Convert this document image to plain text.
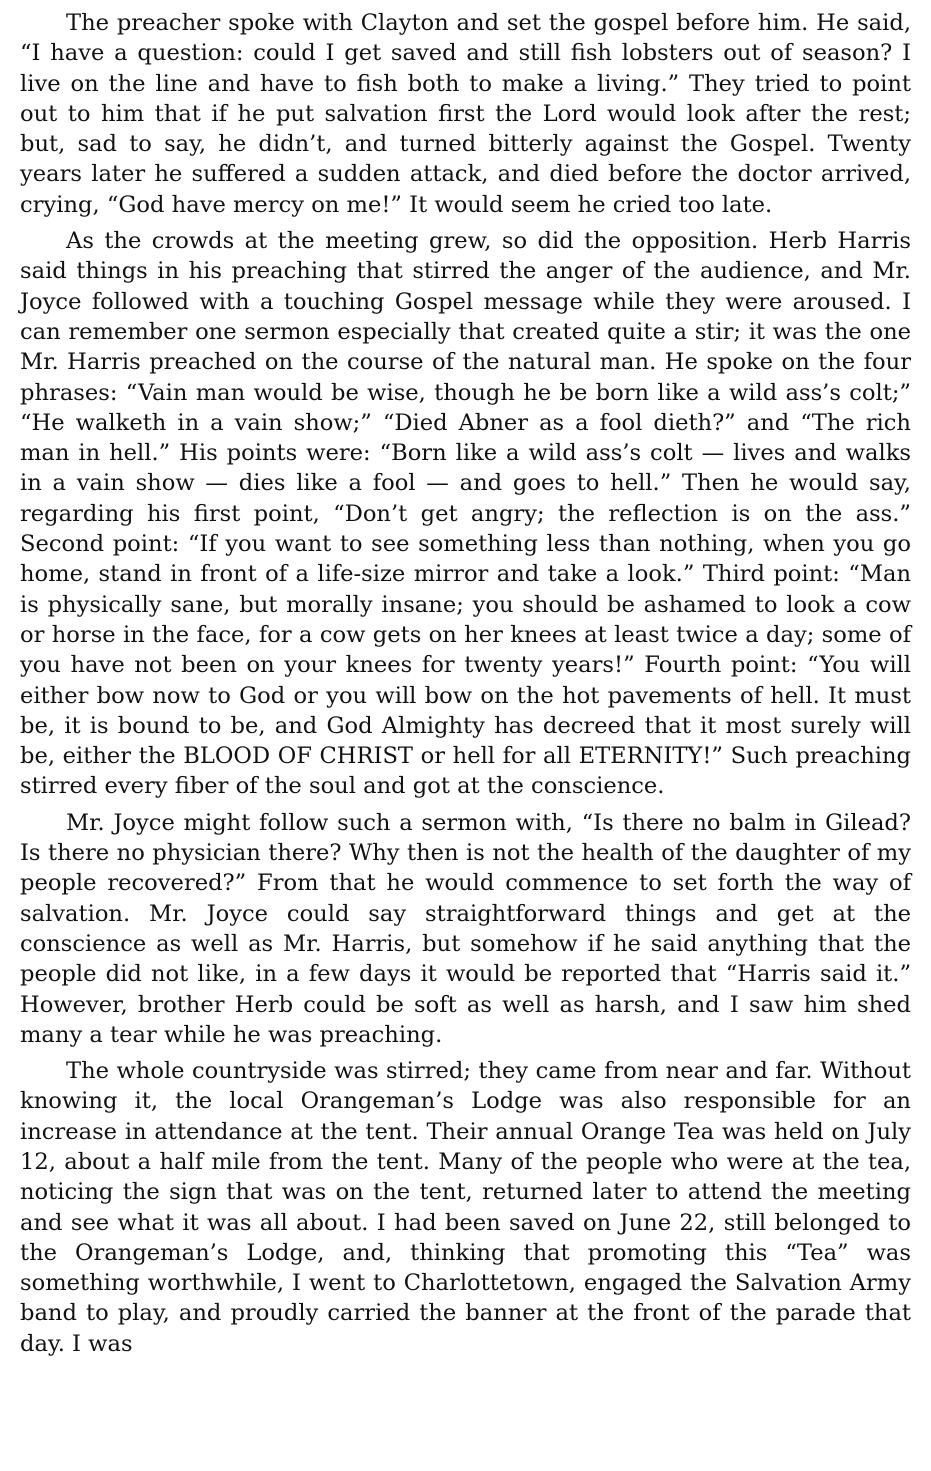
The preacher spoke with Clayton and set the gospel before him. He said, “I have a question: could I get saved and still fish lobsters out of season? I live on the line and have to fish both to make a living.” They tried to point out to him that if he put salvation first the Lord would look after the rest; but, sad to say, he didn’t, and turned bitterly against the Gospel. Twenty years later he suffered a sudden attack, and died before the doctor arrived, crying, “God have mercy on me!” It would seem he cried too late.

As the crowds at the meeting grew, so did the opposition. Herb Harris said things in his preaching that stirred the anger of the audience, and Mr. Joyce followed with a touching Gospel message while they were aroused. I can remember one sermon especially that created quite a stir; it was the one Mr. Harris preached on the course of the natural man. He spoke on the four phrases: “Vain man would be wise, though he be born like a wild ass’s colt;” “He walketh in a vain show;” “Died Abner as a fool dieth?” and “The rich man in hell.” His points were: “Born like a wild ass’s colt — lives and walks in a vain show — dies like a fool — and goes to hell.” Then he would say, regarding his first point, “Don’t get angry; the reflection is on the ass.” Second point: “If you want to see something less than nothing, when you go home, stand in front of a life-size mirror and take a look.” Third point: “Man is physically sane, but morally insane; you should be ashamed to look a cow or horse in the face, for a cow gets on her knees at least twice a day; some of you have not been on your knees for twenty years!” Fourth point: “You will either bow now to God or you will bow on the hot pavements of hell. It must be, it is bound to be, and God Almighty has decreed that it most surely will be, either the BLOOD OF CHRIST or hell for all ETERNITY!” Such preaching stirred every fiber of the soul and got at the conscience.

Mr. Joyce might follow such a sermon with, “Is there no balm in Gilead? Is there no physician there? Why then is not the health of the daughter of my people recovered?” From that he would commence to set forth the way of salvation. Mr. Joyce could say straightforward things and get at the conscience as well as Mr. Harris, but somehow if he said anything that the people did not like, in a few days it would be reported that “Harris said it.” However, brother Herb could be soft as well as harsh, and I saw him shed many a tear while he was preaching.

The whole countryside was stirred; they came from near and far. Without knowing it, the local Orangeman’s Lodge was also responsible for an increase in attendance at the tent. Their annual Orange Tea was held on July 12, about a half mile from the tent. Many of the people who were at the tea, noticing the sign that was on the tent, returned later to attend the meeting and see what it was all about. I had been saved on June 22, still belonged to the Orangeman’s Lodge, and, thinking that promoting this “Tea” was something worthwhile, I went to Charlottetown, engaged the Salvation Army band to play, and proudly carried the banner at the front of the parade that day. I was
